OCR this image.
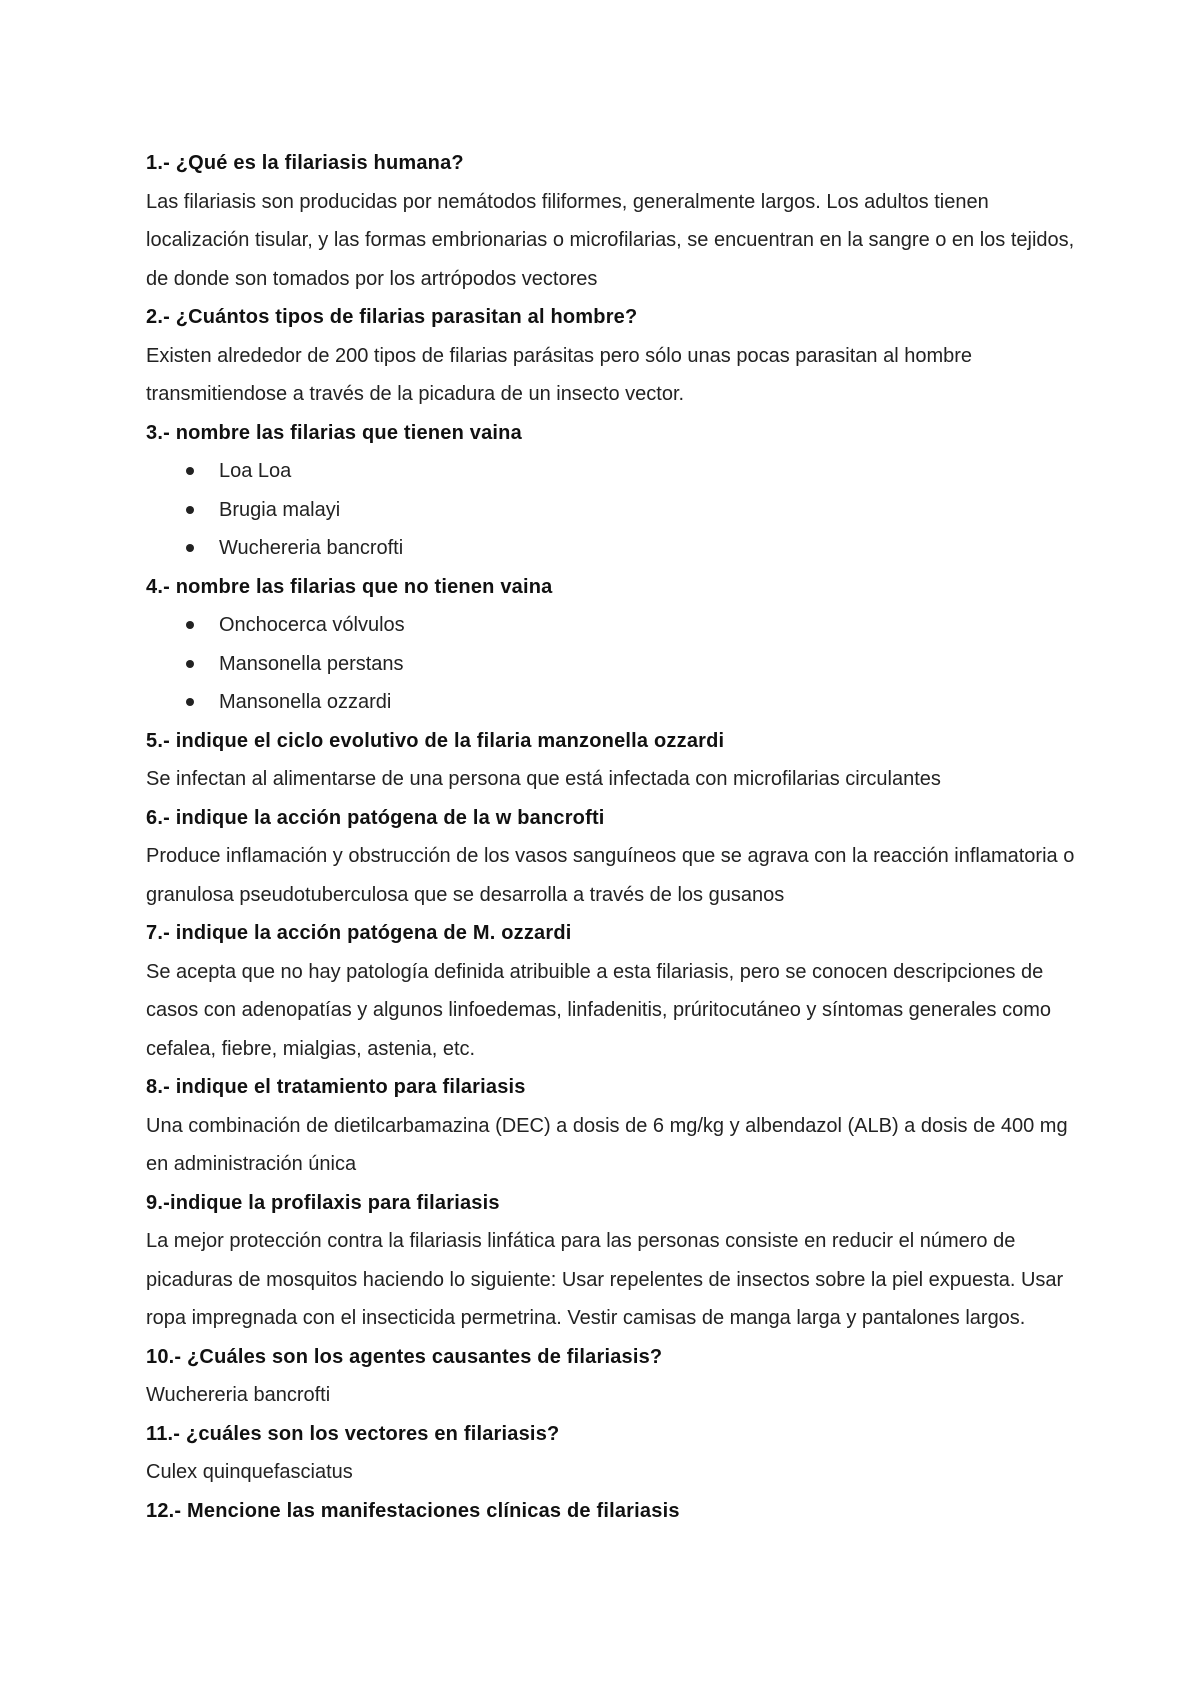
1.- ¿Qué es la filariasis humana?

Las filariasis son producidas por nemátodos filiformes, generalmente largos. Los adultos tienen localización tisular, y las formas embrionarias o microfilarias, se encuentran en la sangre o en los tejidos, de donde son tomados por los artrópodos vectores

2.- ¿Cuántos tipos de filarias parasitan al hombre?

Existen alrededor de 200 tipos de filarias parásitas pero sólo unas pocas parasitan al hombre transmitiendose a través de la picadura de un insecto vector.

3.- nombre las filarias que tienen vaina

Loa Loa
Brugia malayi
Wuchereria bancrofti

4.- nombre las filarias que no tienen vaina

Onchocerca vólvulos
Mansonella perstans
Mansonella ozzardi

5.- indique el ciclo evolutivo de la filaria manzonella ozzardi

Se infectan al alimentarse de una persona que está infectada con microfilarias circulantes

6.- indique la acción patógena de la w bancrofti

Produce inflamación y obstrucción de los vasos sanguíneos que se agrava con la reacción inflamatoria o granulosa pseudotuberculosa que se desarrolla a través de los gusanos

7.- indique la acción patógena de M. ozzardi

Se acepta que no hay patología definida atribuible a esta filariasis, pero se conocen descripciones de casos con adenopatías y algunos linfoedemas, linfadenitis, prúritocutáneo y síntomas generales como cefalea, fiebre, mialgias, astenia, etc.

8.- indique el tratamiento para filariasis

Una combinación de dietilcarbamazina (DEC) a dosis de 6 mg/kg y albendazol (ALB) a dosis de 400 mg en administración única

9.-indique la profilaxis para filariasis

La mejor protección contra la filariasis linfática para las personas consiste en reducir el número de picaduras de mosquitos haciendo lo siguiente: Usar repelentes de insectos sobre la piel expuesta. Usar ropa impregnada con el insecticida permetrina. Vestir camisas de manga larga y pantalones largos.

10.- ¿Cuáles son los agentes causantes de filariasis?

Wuchereria bancrofti

11.- ¿cuáles son los vectores en filariasis?

Culex quinquefasciatus

12.- Mencione las manifestaciones clínicas de filariasis
